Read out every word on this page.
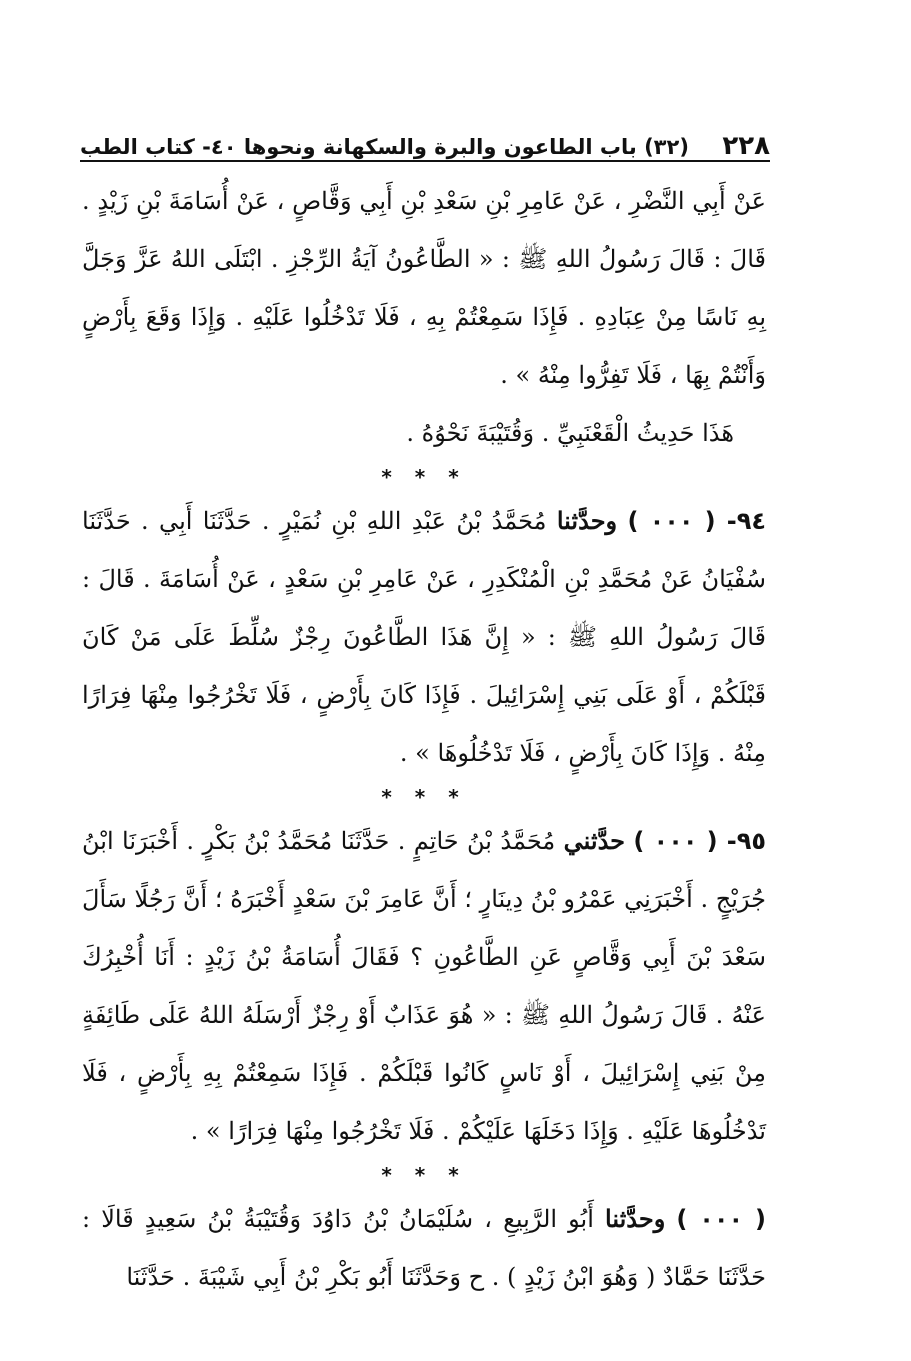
٢٢٨
(٣٢) باب الطاعون والبرة والسكهانة ونحوها ٤٠- كتاب الطب

عَنْ أَبِي النَّضْرِ ، عَنْ عَامِرِ بْنِ سَعْدِ بْنِ أَبِي وَقَّاصٍ ، عَنْ أُسَامَةَ بْنِ زَيْدٍ . قَالَ : قَالَ رَسُولُ اللهِ ﷺ : « الطَّاعُونُ آيَةُ الرِّجْزِ . ابْتَلَى اللهُ عَزَّ وَجَلَّ بِهِ نَاسًا مِنْ عِبَادِهِ . فَإِذَا سَمِعْتُمْ بِهِ ، فَلَا تَدْخُلُوا عَلَيْهِ . وَإِذَا وَقَعَ بِأَرْضٍ وَأَنْتُمْ بِهَا ، فَلَا تَفِرُّوا مِنْهُ » .

هَذَا حَدِيثُ الْقَعْنَبِيِّ . وَقُتَيْبَةَ نَحْوُهُ .

* * *

٩٤- ( ٠٠٠ ) وحدَّثنا مُحَمَّدُ بْنُ عَبْدِ اللهِ بْنِ نُمَيْرٍ . حَدَّثَنَا أَبِي . حَدَّثَنَا سُفْيَانُ عَنْ مُحَمَّدِ بْنِ الْمُنْكَدِرِ ، عَنْ عَامِرِ بْنِ سَعْدٍ ، عَنْ أُسَامَةَ . قَالَ : قَالَ رَسُولُ اللهِ ﷺ : « إِنَّ هَذَا الطَّاعُونَ رِجْزٌ سُلِّطَ عَلَى مَنْ كَانَ قَبْلَكُمْ ، أَوْ عَلَى بَنِي إِسْرَائِيلَ . فَإِذَا كَانَ بِأَرْضٍ ، فَلَا تَخْرُجُوا مِنْهَا فِرَارًا مِنْهُ . وَإِذَا كَانَ بِأَرْضٍ ، فَلَا تَدْخُلُوهَا » .

* * *

٩٥- ( ٠٠٠ ) حدَّثني مُحَمَّدُ بْنُ حَاتِمٍ . حَدَّثَنَا مُحَمَّدُ بْنُ بَكْرٍ . أَخْبَرَنَا ابْنُ جُرَيْجٍ . أَخْبَرَنِي عَمْرُو بْنُ دِينَارٍ ؛ أَنَّ عَامِرَ بْنَ سَعْدٍ أَخْبَرَهُ ؛ أَنَّ رَجُلًا سَأَلَ سَعْدَ بْنَ أَبِي وَقَّاصٍ عَنِ الطَّاعُونِ ؟ فَقَالَ أُسَامَةُ بْنُ زَيْدٍ : أَنَا أُخْبِرُكَ عَنْهُ . قَالَ رَسُولُ اللهِ ﷺ : « هُوَ عَذَابٌ أَوْ رِجْزٌ أَرْسَلَهُ اللهُ عَلَى طَائِفَةٍ مِنْ بَنِي إِسْرَائِيلَ ، أَوْ نَاسٍ كَانُوا قَبْلَكُمْ . فَإِذَا سَمِعْتُمْ بِهِ بِأَرْضٍ ، فَلَا تَدْخُلُوهَا عَلَيْهِ . وَإِذَا دَخَلَهَا عَلَيْكُمْ . فَلَا تَخْرُجُوا مِنْهَا فِرَارًا » .

* * *

( ٠٠٠ ) وحدَّثنا أَبُو الرَّبِيعِ ، سُلَيْمَانُ بْنُ دَاوُدَ وَقُتَيْبَةُ بْنُ سَعِيدٍ قَالَا : حَدَّثَنَا حَمَّادٌ ( وَهُوَ ابْنُ زَيْدٍ ) . ح وَحَدَّثَنَا أَبُو بَكْرِ بْنُ أَبِي شَيْبَةَ . حَدَّثَنَا
